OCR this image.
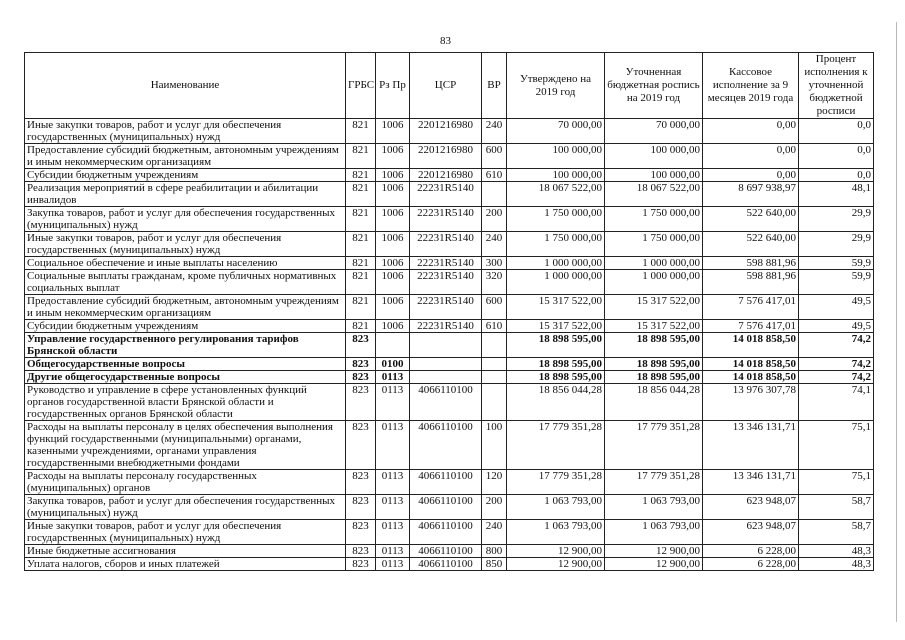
83
Наименование	ГРБС	Рз Пр	ЦСР	ВР	Утверждено на 2019 год	Уточненная бюджетная роспись на 2019 год	Кассовое исполнение за 9 месяцев 2019 года	Процент исполнения к уточненной бюджетной росписи
Иные закупки товаров, работ и услуг для обеспечения государственных (муниципальных) нужд	821	1006	2201216980	240	70 000,00	70 000,00	0,00	0,0
Предоставление субсидий бюджетным, автономным учреждениям и иным некоммерческим организациям	821	1006	2201216980	600	100 000,00	100 000,00	0,00	0,0
Субсидии бюджетным учреждениям	821	1006	2201216980	610	100 000,00	100 000,00	0,00	0,0
Реализация мероприятий в сфере реабилитации и абилитации инвалидов	821	1006	22231R5140		18 067 522,00	18 067 522,00	8 697 938,97	48,1
Закупка товаров, работ и услуг для обеспечения государственных (муниципальных) нужд	821	1006	22231R5140	200	1 750 000,00	1 750 000,00	522 640,00	29,9
Иные закупки товаров, работ и услуг для обеспечения государственных (муниципальных) нужд	821	1006	22231R5140	240	1 750 000,00	1 750 000,00	522 640,00	29,9
Социальное обеспечение и иные выплаты населению	821	1006	22231R5140	300	1 000 000,00	1 000 000,00	598 881,96	59,9
Социальные выплаты гражданам, кроме публичных нормативных социальных выплат	821	1006	22231R5140	320	1 000 000,00	1 000 000,00	598 881,96	59,9
Предоставление субсидий бюджетным, автономным учреждениям и иным некоммерческим организациям	821	1006	22231R5140	600	15 317 522,00	15 317 522,00	7 576 417,01	49,5
Субсидии бюджетным учреждениям	821	1006	22231R5140	610	15 317 522,00	15 317 522,00	7 576 417,01	49,5
Управление государственного регулирования тарифов Брянской области	823				18 898 595,00	18 898 595,00	14 018 858,50	74,2
Общегосударственные вопросы	823	0100			18 898 595,00	18 898 595,00	14 018 858,50	74,2
Другие общегосударственные вопросы	823	0113			18 898 595,00	18 898 595,00	14 018 858,50	74,2
Руководство и управление в сфере установленных функций органов государственной власти Брянской области и государственных органов Брянской области	823	0113	4066110100		18 856 044,28	18 856 044,28	13 976 307,78	74,1
Расходы на выплаты персоналу в целях обеспечения выполнения функций государственными (муниципальными) органами, казенными учреждениями, органами управления государственными внебюджетными фондами	823	0113	4066110100	100	17 779 351,28	17 779 351,28	13 346 131,71	75,1
Расходы на выплаты персоналу государственных (муниципальных) органов	823	0113	4066110100	120	17 779 351,28	17 779 351,28	13 346 131,71	75,1
Закупка товаров, работ и услуг для обеспечения государственных (муниципальных) нужд	823	0113	4066110100	200	1 063 793,00	1 063 793,00	623 948,07	58,7
Иные закупки товаров, работ и услуг для обеспечения государственных (муниципальных) нужд	823	0113	4066110100	240	1 063 793,00	1 063 793,00	623 948,07	58,7
Иные бюджетные ассигнования	823	0113	4066110100	800	12 900,00	12 900,00	6 228,00	48,3
Уплата налогов, сборов и иных платежей	823	0113	4066110100	850	12 900,00	12 900,00	6 228,00	48,3
